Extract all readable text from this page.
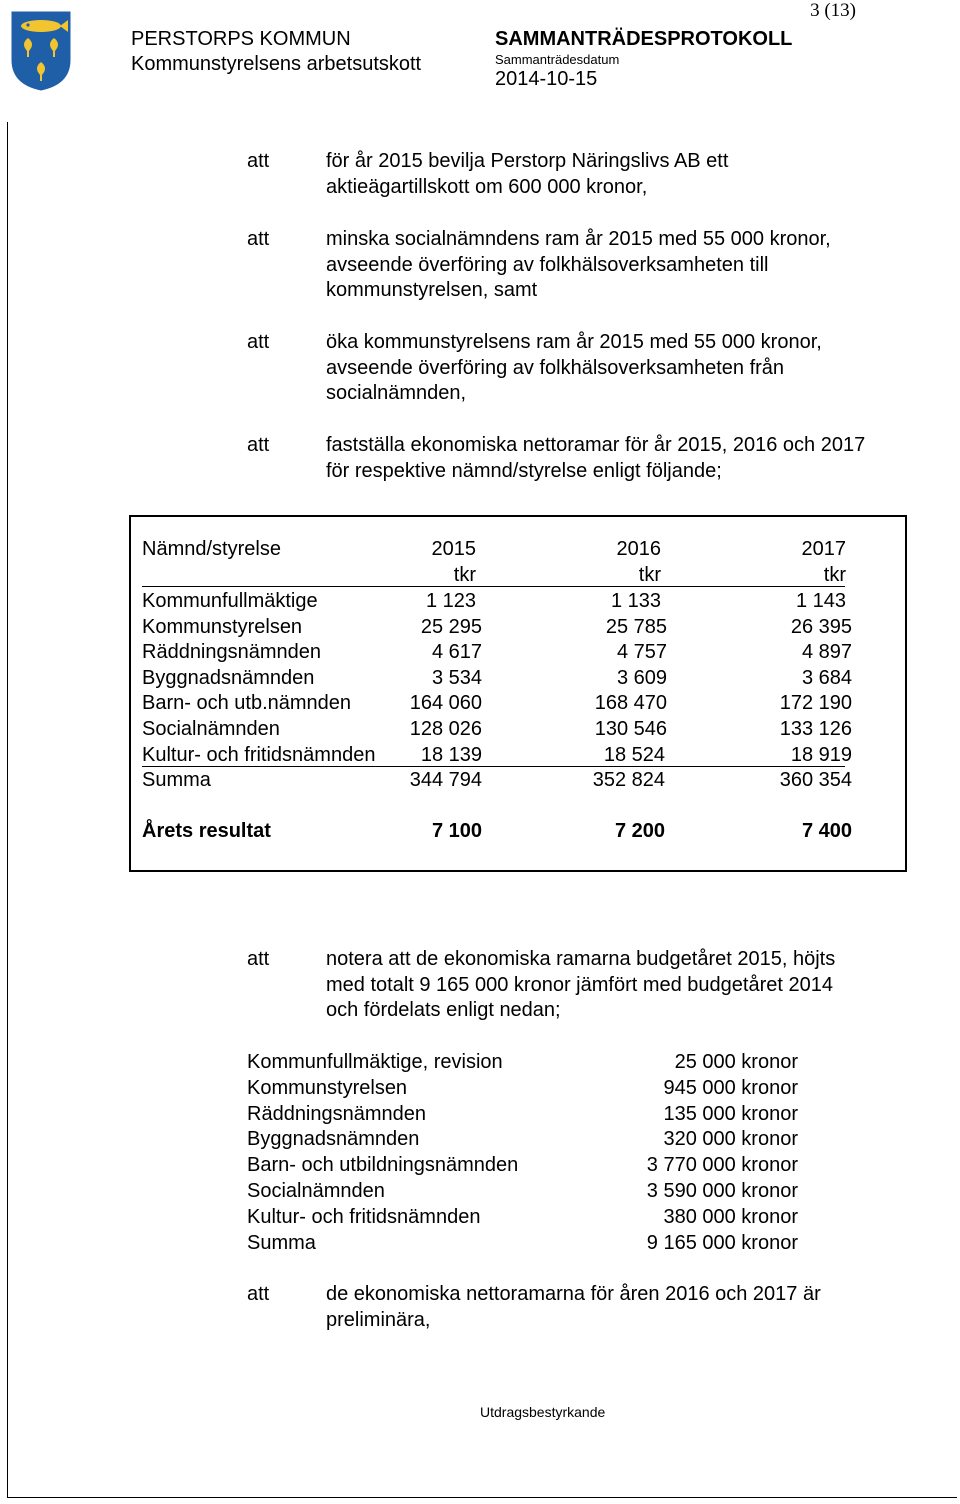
PERSTORPS KOMMUN
Kommunstyrelsens arbetsutskott
SAMMANTRÄDESPROTOKOLL
Sammanträdesdatum
2014-10-15
3 (13)
att	för år 2015 bevilja Perstorp Näringslivs AB ett aktieägartillskott om 600 000 kronor,
att	minska socialnämndens ram år 2015 med 55 000 kronor, avseende överföring av folkhälsoverksamheten till kommunstyrelsen, samt
att	öka kommunstyrelsens ram år 2015 med 55 000 kronor, avseende överföring av folkhälsoverksamheten från socialnämnden,
att	fastställa ekonomiska nettoramar för år 2015, 2016 och 2017 för respektive nämnd/styrelse enligt följande;
Nämnd/styrelse	2015	2016	2017
tkr	tkr	tkr
Kommunfullmäktige	1 123	1 133	1 143
Kommunstyrelsen	25 295	25 785	26 395
Räddningsnämnden	4 617	4 757	4 897
Byggnadsnämnden	3 534	3 609	3 684
Barn- och utb.nämnden	164 060	168 470	172 190
Socialnämnden	128 026	130 546	133 126
Kultur- och fritidsnämnden 18 139	18 524	18 919
Summa	344 794	352 824	360 354
Årets resultat	7 100	7 200	7 400
att	notera att de ekonomiska ramarna budgetåret 2015, höjts med totalt 9 165 000 kronor jämfört med budgetåret 2014 och fördelats enligt nedan;
Kommunfullmäktige, revision	25 000 kronor
Kommunstyrelsen	945 000 kronor
Räddningsnämnden	135 000 kronor
Byggnadsnämnden	320 000 kronor
Barn- och utbildningsnämnden	3 770 000 kronor
Socialnämnden	3 590 000 kronor
Kultur- och fritidsnämnden	380 000 kronor
Summa	9 165 000 kronor
att	de ekonomiska nettoramarna för åren 2016 och 2017 är preliminära,
Utdragsbestyrkande
